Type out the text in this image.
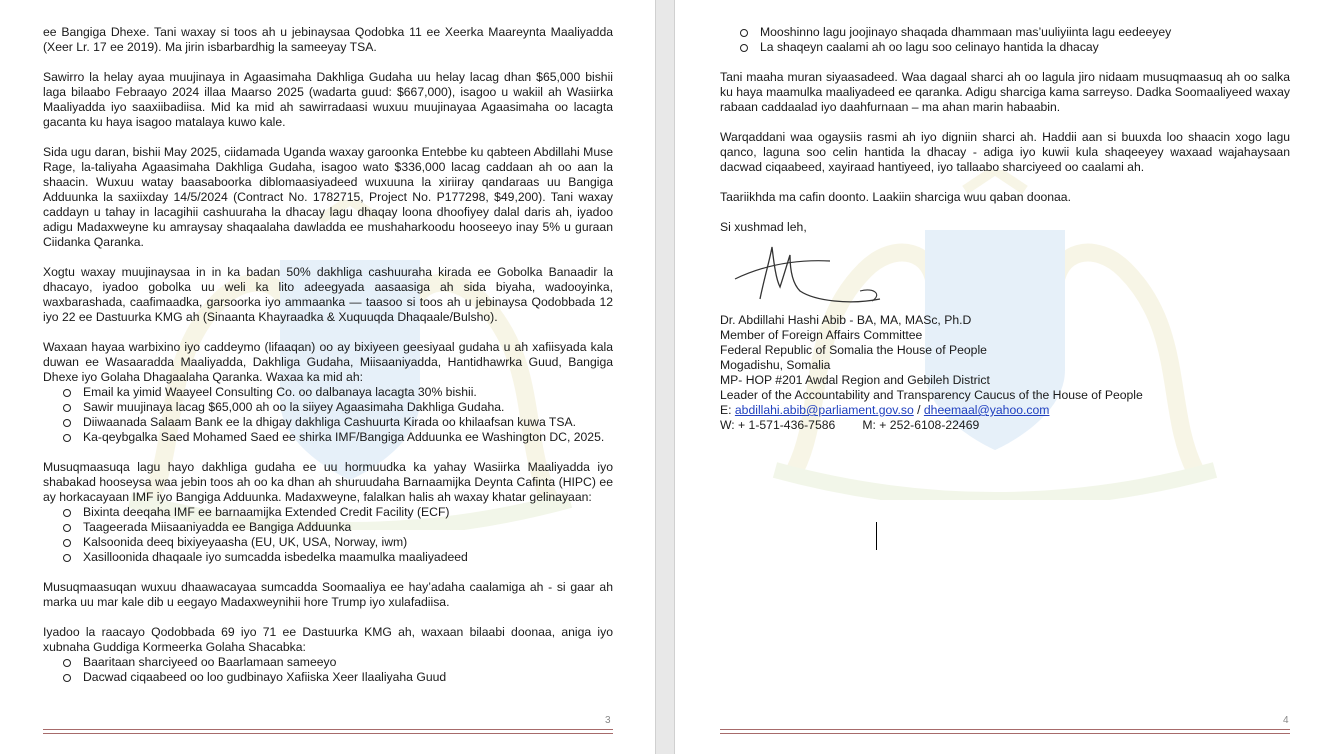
ee Bangiga Dhexe. Tani waxay si toos ah u jebinaysaa Qodobka 11 ee Xeerka Maareynta Maaliyadda (Xeer Lr. 17 ee 2019). Ma jirin isbarbardhig la sameeyay TSA.

Sawirro la helay ayaa muujinaya in Agaasimaha Dakhliga Gudaha uu helay lacag dhan $65,000 bishii laga bilaabo Febraayo 2024 illaa Maarso 2025 (wadarta guud: $667,000), isagoo u wakiil ah Wasiirka Maaliyadda iyo saaxiibadiisa. Mid ka mid ah sawirradaasi wuxuu muujinayaa Agaasimaha oo lacagta gacanta ku haya isagoo matalaya kuwo kale.

Sida ugu daran, bishii May 2025, ciidamada Uganda waxay garoonka Entebbe ku qabteen Abdillahi Muse Rage, la-taliyaha Agaasimaha Dakhliga Gudaha, isagoo wato $336,000 lacag caddaan ah oo aan la shaacin. Wuxuu watay baasaboorka diblomaasiyadeed wuxuuna la xiriiray qandaraas uu Bangiga Adduunka la saxiixday 14/5/2024 (Contract No. 1782715, Project No. P177298, $49,200). Tani waxay caddayn u tahay in lacagihii cashuuraha la dhacay lagu dhaqay loona dhoofiyey dalal daris ah, iyadoo adigu Madaxweyne ku amraysay shaqaalaha dawladda ee mushaharkoodu hooseeyo inay 5% u guraan Ciidanka Qaranka.

Xogtu waxay muujinaysaa in in ka badan 50% dakhliga cashuuraha kirada ee Gobolka Banaadir la dhacayo, iyadoo gobolka uu weli ka lito adeegyada aasaasiga ah sida biyaha, wadooyinka, waxbarashada, caafimaadka, garsoorka iyo ammaanka — taasoo si toos ah u jebinaysa Qodobbada 12 iyo 22 ee Dastuurka KMG ah (Sinaanta Khayraadka & Xuquuqda Dhaqaale/Bulsho).

Waxaan hayaa warbixino iyo caddeymo (lifaaqan) oo ay bixiyeen geesiyaal gudaha u ah xafiisyada kala duwan ee Wasaaradda Maaliyadda, Dakhliga Gudaha, Miisaaniyadda, Hantidhawrka Guud, Bangiga Dhexe iyo Golaha Dhagaalaha Qaranka. Waxaa ka mid ah:

Email ka yimid Waayeel Consulting Co. oo dalbanaya lacagta 30% bishii.
Sawir muujinaya lacag $65,000 ah oo la siiyey Agaasimaha Dakhliga Gudaha.
Diiwaanada Salaam Bank ee la dhigay dakhliga Cashuurta Kirada oo khilaafsan kuwa TSA.
Ka-qeybgalka Saed Mohamed Saed ee shirka IMF/Bangiga Adduunka ee Washington DC, 2025.

Musuqmaasuqa lagu hayo dakhliga gudaha ee uu hormuudka ka yahay Wasiirka Maaliyadda iyo shabakad hooseysa waa jebin toos ah oo ka dhan ah shuruudaha Barnaamijka Deynta Cafinta (HIPC) ee ay horkacayaan IMF iyo Bangiga Adduunka. Madaxweyne, falalkan halis ah waxay khatar gelinayaan:

Bixinta deeqaha IMF ee barnaamijka Extended Credit Facility (ECF)
Taageerada Miisaaniyadda ee Bangiga Adduunka
Kalsoonida deeq bixiyeyaasha (EU, UK, USA, Norway, iwm)
Xasilloonida dhaqaale iyo sumcadda isbedelka maamulka maaliyadeed

Musuqmaasuqan wuxuu dhaawacayaa sumcadda Soomaaliya ee hay’adaha caalamiga ah - si gaar ah marka uu mar kale dib u eegayo Madaxweynihii hore Trump iyo xulafadiisa.

Iyadoo la raacayo Qodobbada 69 iyo 71 ee Dastuurka KMG ah, waxaan bilaabi doonaa, aniga iyo xubnaha Guddiga Kormeerka Golaha Shacabka:

Baaritaan sharciyeed oo Baarlamaan sameeyo
Dacwad ciqaabeed oo loo gudbinayo Xafiiska Xeer Ilaaliyaha Guud
3
Mooshinno lagu joojinayo shaqada dhammaan mas’uuliyiinta lagu eedeeyey
La shaqeyn caalami ah oo lagu soo celinayo hantida la dhacay

Tani maaha muran siyaasadeed. Waa dagaal sharci ah oo lagula jiro nidaam musuqmaasuq ah oo salka ku haya maamulka maaliyadeed ee qaranka. Adigu sharciga kama sarreyso. Dadka Soomaaliyeed waxay rabaan caddaalad iyo daahfurnaan – ma ahan marin habaabin.

Warqaddani waa ogaysiis rasmi ah iyo digniin sharci ah. Haddii aan si buuxda loo shaacin xogo lagu qanco, laguna soo celin hantida la dhacay - adiga iyo kuwii kula shaqeeyey waxaad wajahaysaan dacwad ciqaabeed, xayiraad hantiyeed, iyo tallaabo sharciyeed oo caalami ah.

Taariikhda ma cafin doonto. Laakiin sharciga wuu qaban doonaa.

Si xushmad leh,

Dr. Abdillahi Hashi Abib - BA, MA, MASc, Ph.D
Member of Foreign Affairs Committee
Federal Republic of Somalia the House of People
Mogadishu, Somalia
MP- HOP #201 Awdal Region and Gebileh District
Leader of the Accountability and Transparency Caucus of the House of People
E: abdillahi.abib@parliament.gov.so / dheemaal@yahoo.com
W: + 1-571-436-7586        M: + 252-6108-22469
4
